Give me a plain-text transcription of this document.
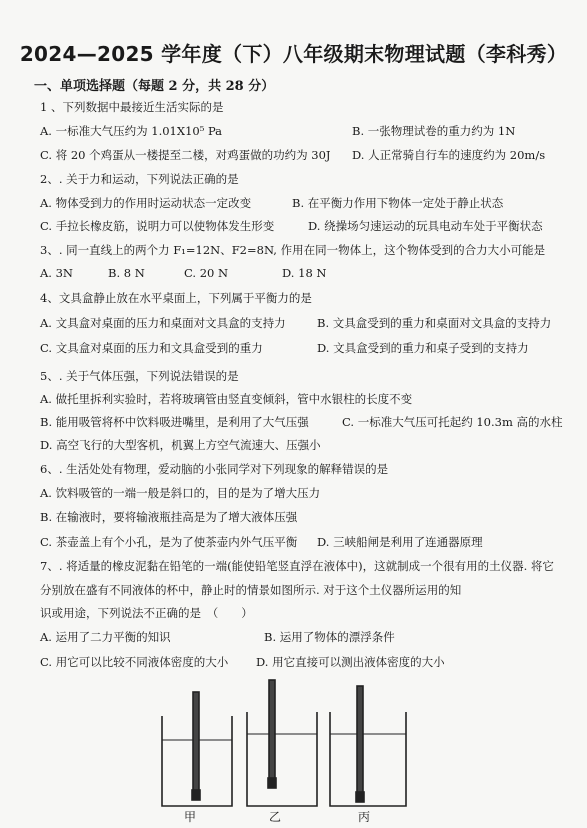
2024—2025 学年度（下）八年级期末物理试题（李科秀）
一、单项选择题（每题 2 分，共 28 分）
1 、下列数据中最接近生活实际的是
A. 一标准大气压约为 1.01X10⁵ Pa	B. 一张物理试卷的重力约为 1N
C. 将 20 个鸡蛋从一楼提至二楼，对鸡蛋做的功约为 30J D. 人正常骑自行车的速度约为 20m/s
2、. 关于力和运动，下列说法正确的是
A. 物体受到力的作用时运动状态一定改变	B. 在平衡力作用下物体一定处于静止状态
C. 手拉长橡皮筋，说明力可以使物体发生形变	D. 绕操场匀速运动的玩具电动车处于平衡状态
3、. 同一直线上的两个力 F₁=12N、F2=8N, 作用在同一物体上，这个物体受到的合力大小可能是
A. 3N	B. 8 N	C. 20 N	D. 18 N
4、文具盒静止放在水平桌面上，下列属于平衡力的是
A. 文具盒对桌面的压力和桌面对文具盒的支持力	B. 文具盒受到的重力和桌面对文具盒的支持力
C. 文具盒对桌面的压力和文具盒受到的重力	D. 文具盒受到的重力和桌子受到的支持力
5、. 关于气体压强，下列说法错误的是
A. 做托里拆利实验时，若将玻璃管由竖直变倾斜，管中水银柱的长度不变
B. 能用吸管将杯中饮料吸进嘴里，是利用了大气压强	C. 一标准大气压可托起约 10.3m 高的水柱
D. 高空飞行的大型客机，机翼上方空气流速大、压强小
6、. 生活处处有物理，爱动脑的小张同学对下列现象的解释错误的是
A. 饮料吸管的一端一般是斜口的，目的是为了增大压力
B. 在输液时，要将输液瓶挂高是为了增大液体压强
C. 茶壶盖上有个小孔，是为了使茶壶内外气压平衡 D. 三峡船闸是利用了连通器原理
7、. 将适量的橡皮泥黏在铅笔的一端(能使铅笔竖直浮在液体中)，这就制成一个很有用的土仪器. 将它
分别放在盛有不同液体的杯中，静止时的情景如图所示. 对于这个土仪器所运用的知
识或用途，下列说法不正确的是　（　　）
A. 运用了二力平衡的知识	B. 运用了物体的漂浮条件
C. 用它可以比较不同液体密度的大小 D. 用它直接可以测出液体密度的大小
甲	乙	丙
